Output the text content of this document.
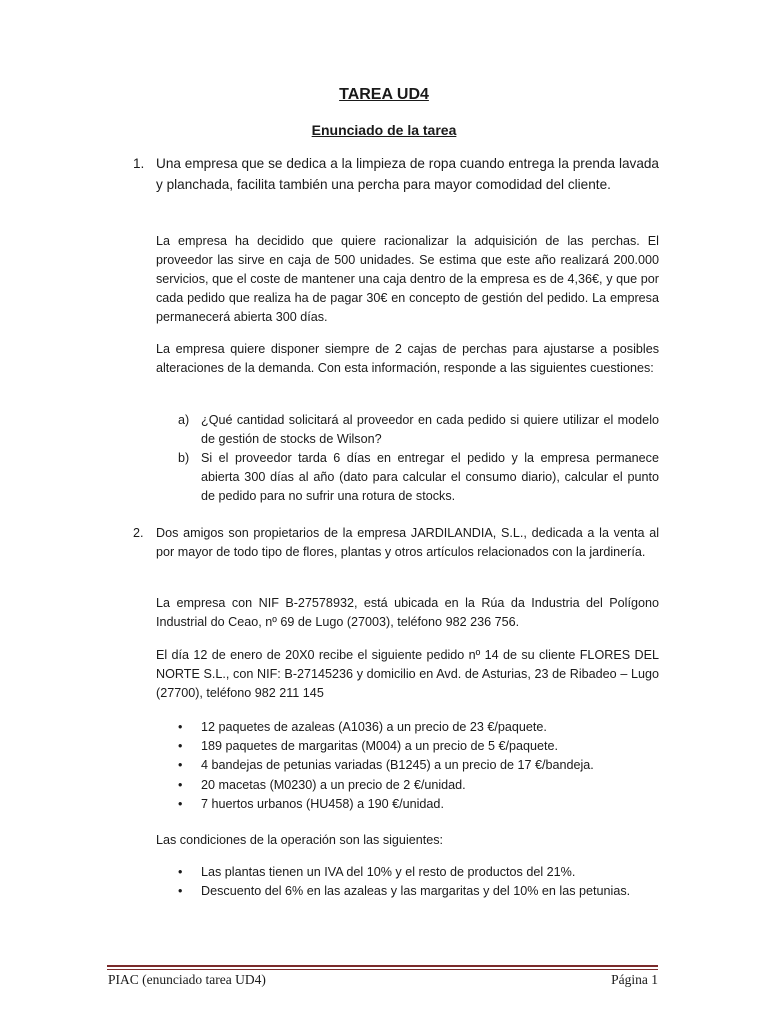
TAREA UD4
Enunciado de la tarea
1. Una empresa que se dedica a la limpieza de ropa cuando entrega la prenda lavada y planchada, facilita también una percha para mayor comodidad del cliente.
La empresa ha decidido que quiere racionalizar la adquisición de las perchas. El proveedor las sirve en caja de 500 unidades. Se estima que este año realizará 200.000 servicios, que el coste de mantener una caja dentro de la empresa es de 4,36€, y que por cada pedido que realiza ha de pagar 30€ en concepto de gestión del pedido. La empresa permanecerá abierta 300 días.
La empresa quiere disponer siempre de 2 cajas de perchas para ajustarse a posibles alteraciones de la demanda. Con esta información, responde a las siguientes cuestiones:
a) ¿Qué cantidad solicitará al proveedor en cada pedido si quiere utilizar el modelo de gestión de stocks de Wilson?
b) Si el proveedor tarda 6 días en entregar el pedido y la empresa permanece abierta 300 días al año (dato para calcular el consumo diario), calcular el punto de pedido para no sufrir una rotura de stocks.
2. Dos amigos son propietarios de la empresa JARDILANDIA, S.L., dedicada a la venta al por mayor de todo tipo de flores, plantas y otros artículos relacionados con la jardinería.
La empresa con NIF B-27578932, está ubicada en la Rúa da Industria del Polígono Industrial do Ceao, nº 69 de Lugo (27003), teléfono 982 236 756.
El día 12 de enero de 20X0 recibe el siguiente pedido nº 14 de su cliente FLORES DEL NORTE S.L., con NIF: B-27145236 y domicilio en Avd. de Asturias, 23 de Ribadeo – Lugo (27700), teléfono 982 211 145
• 12 paquetes de azaleas (A1036) a un precio de 23 €/paquete.
• 189 paquetes de margaritas (M004) a un precio de 5 €/paquete.
• 4 bandejas de petunias variadas (B1245) a un precio de 17 €/bandeja.
• 20 macetas (M0230) a un precio de 2 €/unidad.
• 7 huertos urbanos (HU458) a 190 €/unidad.
Las condiciones de la operación son las siguientes:
• Las plantas tienen un IVA del 10% y el resto de productos del 21%.
• Descuento del 6% en las azaleas y las margaritas y del 10% en las petunias.
PIAC (enunciado tarea UD4)	Página 1
